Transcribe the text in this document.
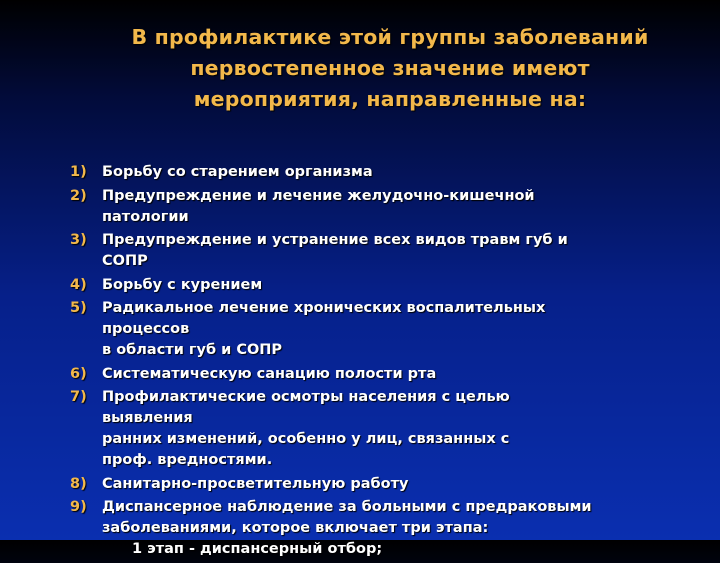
В профилактике этой группы заболеваний
первостепенное значение имеют
мероприятия, направленные на:
1) Борьбу со старением организма
2) Предупреждение и лечение желудочно-кишечной
патологии
3) Предупреждение и устранение всех видов травм губ и
СОПР
4) Борьбу с курением
5) Радикальное лечение хронических воспалительных
процессов
в области губ и СОПР
6) Систематическую санацию полости рта
7) Профилактические осмотры населения с целью
выявления
ранних изменений, особенно у лиц, связанных с
проф. вредностями.
8) Санитарно-просветительную работу
9) Диспансерное наблюдение за больными с предраковыми
заболеваниями, которое включает три этапа:
1 этап - диспансерный отбор;
